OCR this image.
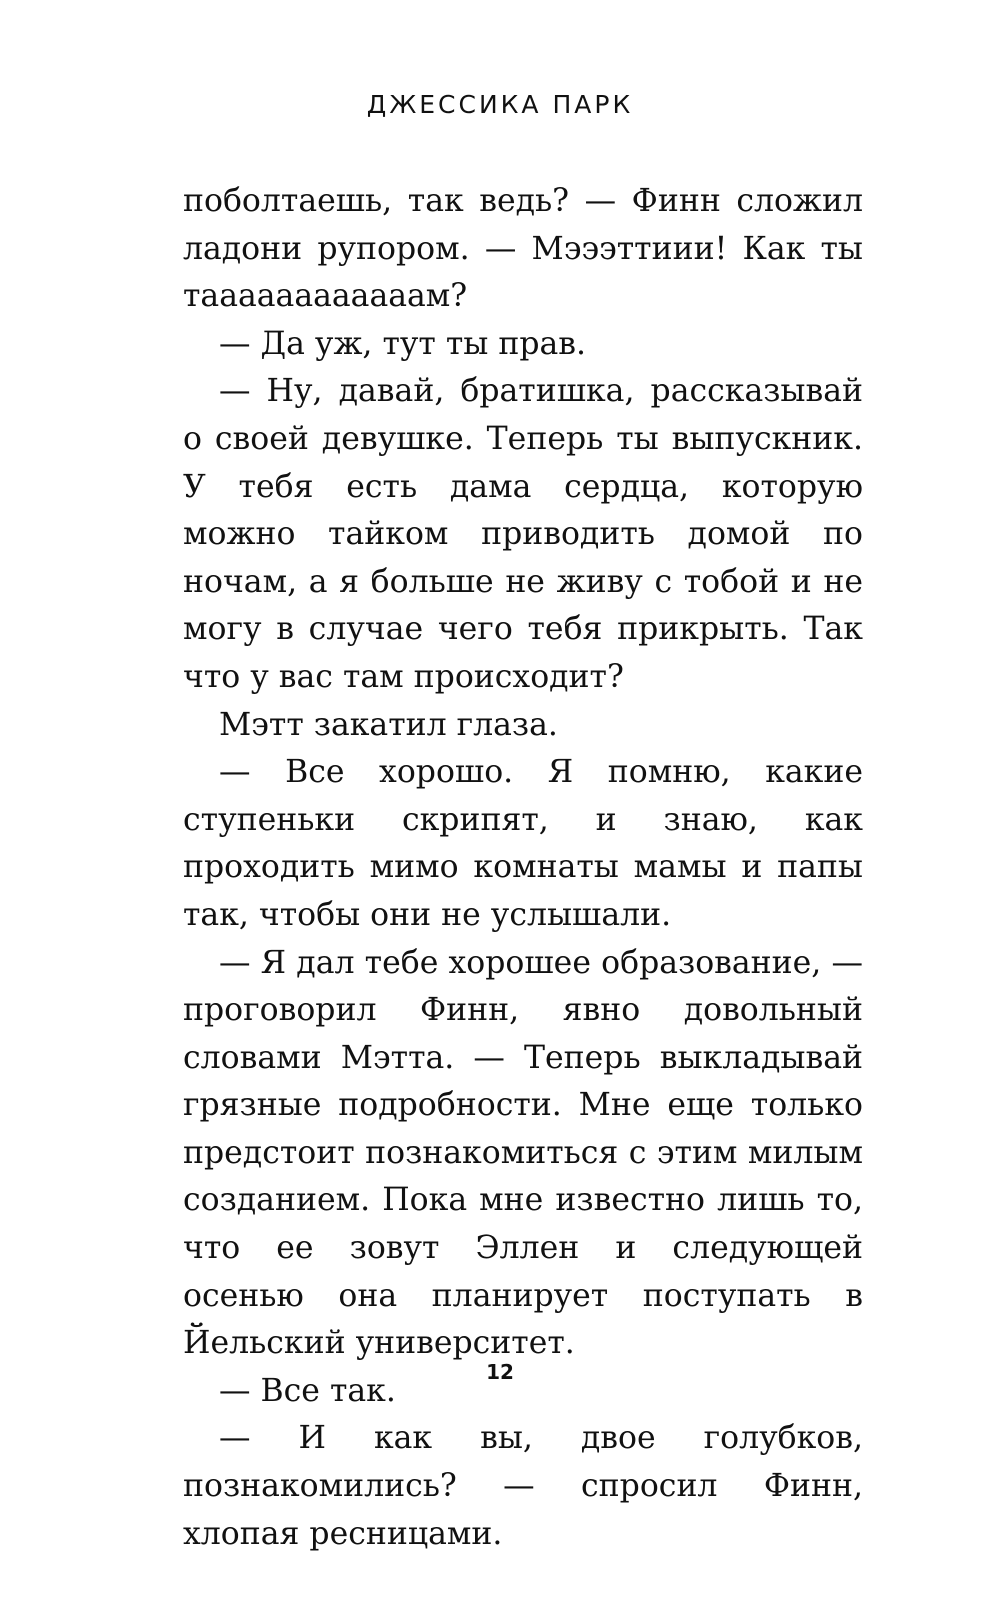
ДЖЕССИКА ПАРК

поболтаешь, так ведь? — Финн сложил ладони рупором. — Мэээттиии! Как ты таааааааааааам?

— Да уж, тут ты прав.

— Ну, давай, братишка, рассказывай о своей девушке. Теперь ты выпускник. У тебя есть дама сердца, которую можно тайком приводить домой по ночам, а я больше не живу с тобой и не могу в случае чего тебя прикрыть. Так что у вас там происходит?

Мэтт закатил глаза.

— Все хорошо. Я помню, какие ступеньки скрипят, и знаю, как проходить мимо комнаты мамы и папы так, чтобы они не услышали.

— Я дал тебе хорошее образование, — проговорил Финн, явно довольный словами Мэтта. — Теперь выкладывай грязные подробности. Мне еще только предстоит познакомиться с этим милым созданием. Пока мне известно лишь то, что ее зовут Эллен и следующей осенью она планирует поступать в Йельский университет.

— Все так.

— И как вы, двое голубков, познакомились? — спросил Финн, хлопая ресницами.

12
